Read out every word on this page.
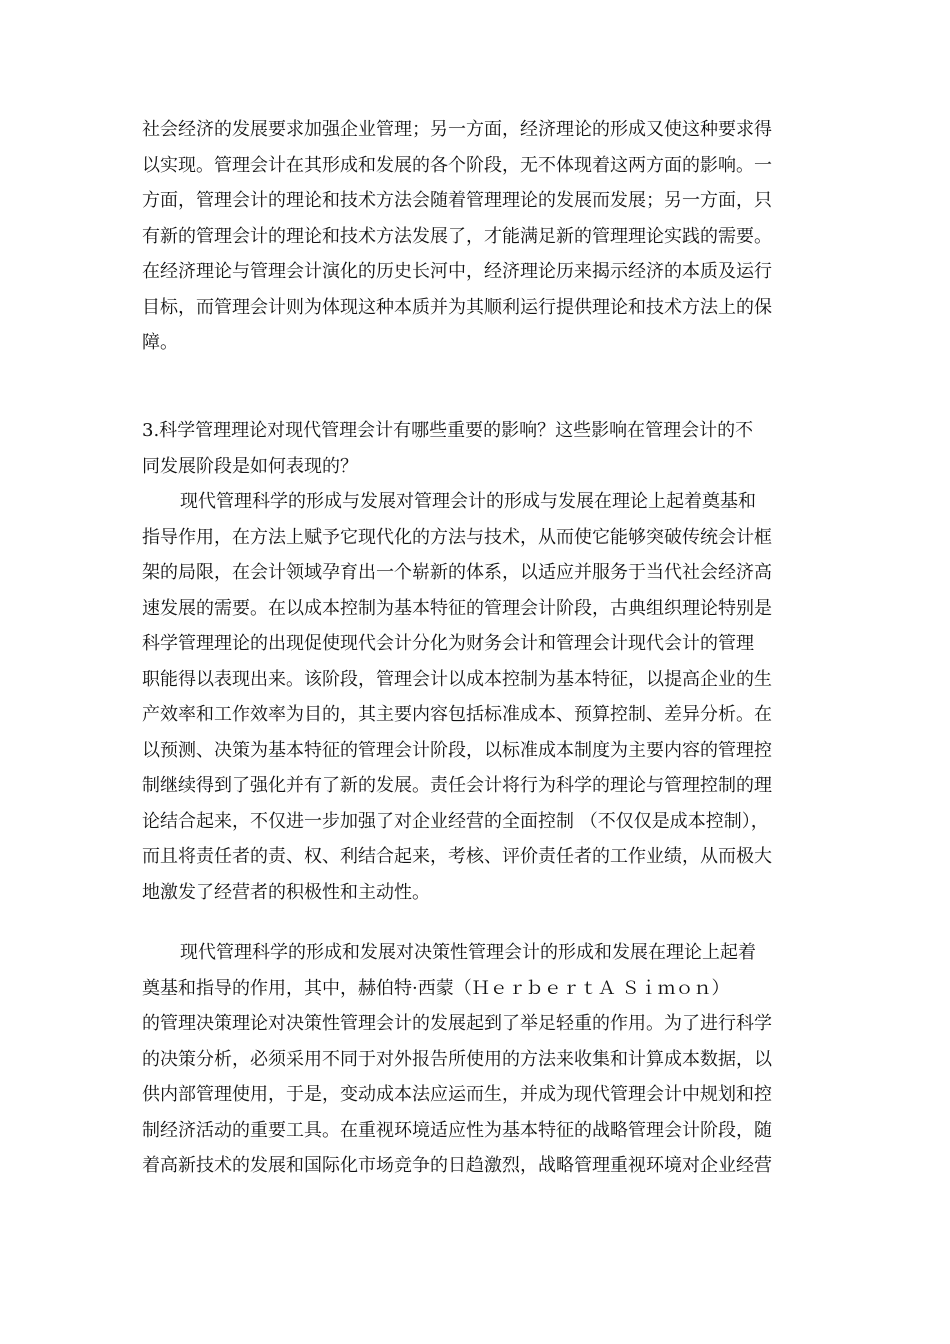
社会经济的发展要求加强企业管理；另一方面，经济理论的形成又使这种要求得
以实现。管理会计在其形成和发展的各个阶段，无不体现着这两方面的影响。一
方面，管理会计的理论和技术方法会随着管理理论的发展而发展；另一方面，只
有新的管理会计的理论和技术方法发展了，才能满足新的管理理论实践的需要。
在经济理论与管理会计演化的历史长河中，经济理论历来揭示经济的本质及运行
目标，而管理会计则为体现这种本质并为其顺利运行提供理论和技术方法上的保
障。
3.科学管理理论对现代管理会计有哪些重要的影响？这些影响在管理会计的不
同发展阶段是如何表现的？
现代管理科学的形成与发展对管理会计的形成与发展在理论上起着奠基和
指导作用，在方法上赋予它现代化的方法与技术，从而使它能够突破传统会计框
架的局限，在会计领域孕育出一个崭新的体系，以适应并服务于当代社会经济高
速发展的需要。在以成本控制为基本特征的管理会计阶段，古典组织理论特别是
科学管理理论的出现促使现代会计分化为财务会计和管理会计现代会计的管理
职能得以表现出来。该阶段，管理会计以成本控制为基本特征，以提高企业的生
产效率和工作效率为目的，其主要内容包括标准成本、预算控制、差异分析。在
以预测、决策为基本特征的管理会计阶段，以标准成本制度为主要内容的管理控
制继续得到了强化并有了新的发展。责任会计将行为科学的理论与管理控制的理
论结合起来，不仅进一步加强了对企业经营的全面控制 （不仅仅是成本控制），
而且将责任者的责、权、利结合起来，考核、评价责任者的工作业绩，从而极大
地激发了经营者的积极性和主动性。
现代管理科学的形成和发展对决策性管理会计的形成和发展在理论上起着
奠基和指导的作用，其中，赫伯特·西蒙（ＨｅｒｂｅｒｔＡ Ｓｉｍｏｎ）
的管理决策理论对决策性管理会计的发展起到了举足轻重的作用。为了进行科学
的决策分析，必须采用不同于对外报告所使用的方法来收集和计算成本数据，以
供内部管理使用，于是，变动成本法应运而生，并成为现代管理会计中规划和控
制经济活动的重要工具。在重视环境适应性为基本特征的战略管理会计阶段，随
着高新技术的发展和国际化市场竞争的日趋激烈，战略管理重视环境对企业经营
